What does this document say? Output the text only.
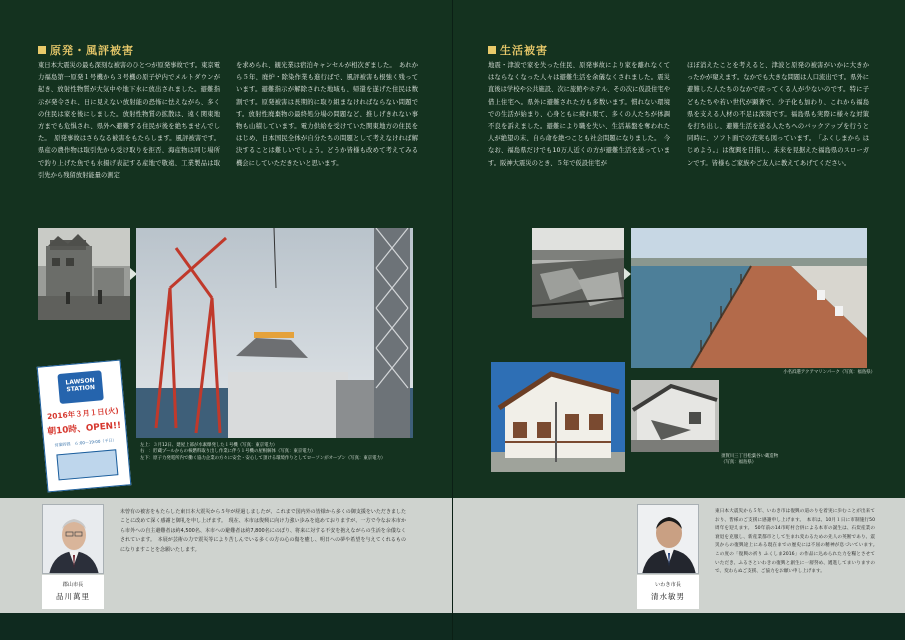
原発・風評被害
東日本大震災の最も深刻な被害のひとつが原発事故です。東京電力福島第一原発１号機から３号機の原子炉内でメルトダウンが起き、放射性物質が大気中や地下水に放出されました。避難指示が発令され、日に見えない放射能の恐怖に怯えながら、多くの住民は家を後にしました。放射性物質の拡散は、遠く関東地方までも危惧され、県外へ避難する住民が後を絶ちませんでした。　原発事故はさらなる被害をもたらします。風評被害です。県産の農作物は取引先から受け取りを拒否、海産物は同じ場所で釣り上げた魚でも水揚げ表記する産地で敬遠、工業製品は取引先から残留放射能量の測定
を求められ、観光業は宿泊キャンセルが相次ぎました。　あれから５年、廃炉・除染作業も進行ばで、風評被害も根強く残っています。避難指示が解除された地域も、帰還を遂げた住民は数割です。原発被害は長期的に取り組まなければならない問題です。放射性廃棄物の最終処分場の問題など、推しげきれない事物も山積しています。電力供給を受けていた関東地方の住民をはじめ、日本国民全体が自分たちの問題として考えなければ解決することは難しいでしょう。どうか皆様も改めて考えてみる機会にしていただきたいと思います。
LAWSON
STATION
2016年３月１日(火)
朝10時、OPEN!!
営業時間　６:00～19:00（平日）	左上：３月12日、建屋上部が水素爆発した１号機（写真：東京電力）
右　：貯蔵プールからの核燃料取り出し作業に伴う１号機の屋根解体（写真：東京電力）
左下：原子力発電所内で働く協力企業の方々に安全・安心して頂ける環境作りとしてローソンがオープン（写真：東京電力）
郡山市長
品川萬里
未曾有の被害をもたらした東日本大震災から５年が経過しましたが、これまで国内外の皆様から多くの御支援をいただきましたことに改めて深く感謝と御礼を申し上げます。　現在、本市は復興に向け力強い歩みを進めておりますが、一方で今なお本市から市外への自主避難者は約4,500名、本市への避難者は約7,800名にのぼり、将来に対する不安を抱えながらの生活を余儀なくされています。　本展が芸術の力で震災等により苦しんでいる多くの方の心の傷を癒し、明日への夢や希望を与えてくれるものになりますことを念願いたします。
生活被害
地震・津波で家を失った住民、原発事故により家を離れなくてはならなくなった人々は避難生活を余儀なくされました。震災直後は学校や公共施設、次に旅館やホテル、その次に仮設住宅や借上住宅へ。県外に避難された方も多数います。慣れない環境での生活が始まり、心身ともに疲れ果て、多くの人たちが体調不良を訴えました。避難により職を失い、生活基盤を奪われた人が絶望の末、自ら命を絶つことも社会問題になりました。　今なお、福島県だけでも10万人近くの方が避難生活を送っています。阪神大震災のとき、５年で仮設住宅が
ほぼ消えたことを考えると、津波と原発の被害がいかに大きかったかが窺えます。なかでも大きな問題は人口流出です。県外に避難した人たちのなかで戻ってくる人が少ないのです。特に子どもたちや若い世代が顕著で、少子化も加わり、これから福島県を支える人材の不足は深刻です。福島県も実際に様々な対策を打ち出し、避難生活を送る人たちへのバックアップを行うと同時に、ソフト面での充実も図っています。　「ふくしまから はじめよう。」は復興を目指し、未来を見据えた福島県のスローガンです。皆様もご家族やご友人に教えてあげてください。
小名浜港アクアマリンパーク（写真：福島県）
須賀川三丁目松葉谷い蔵造物（写真：福島県）
いわき市長
清水敏男
東日本大震災から５年、いわき市は復興の道のりを着実に歩むことが出来ており、皆様のご支援に感謝申し上げます。　本市は、10月１日に市制施行50周年を迎えます。　50年前の14市町村合併による本市の誕生は、石炭産業の衰退を克服し、新産業都市として生まれ変わるための先人の英断であり、震災からの復興途上にある現在までの歴史には不屈の精神が息づいています。　この度の「復興の祈り ふくしま2016」の作品に込められた力を糧とさせていただき、ふるさといわきの復興と創生に一層努め、邁進してまいりますので、変わらぬご支援、ご協力をお願い申し上げます。
